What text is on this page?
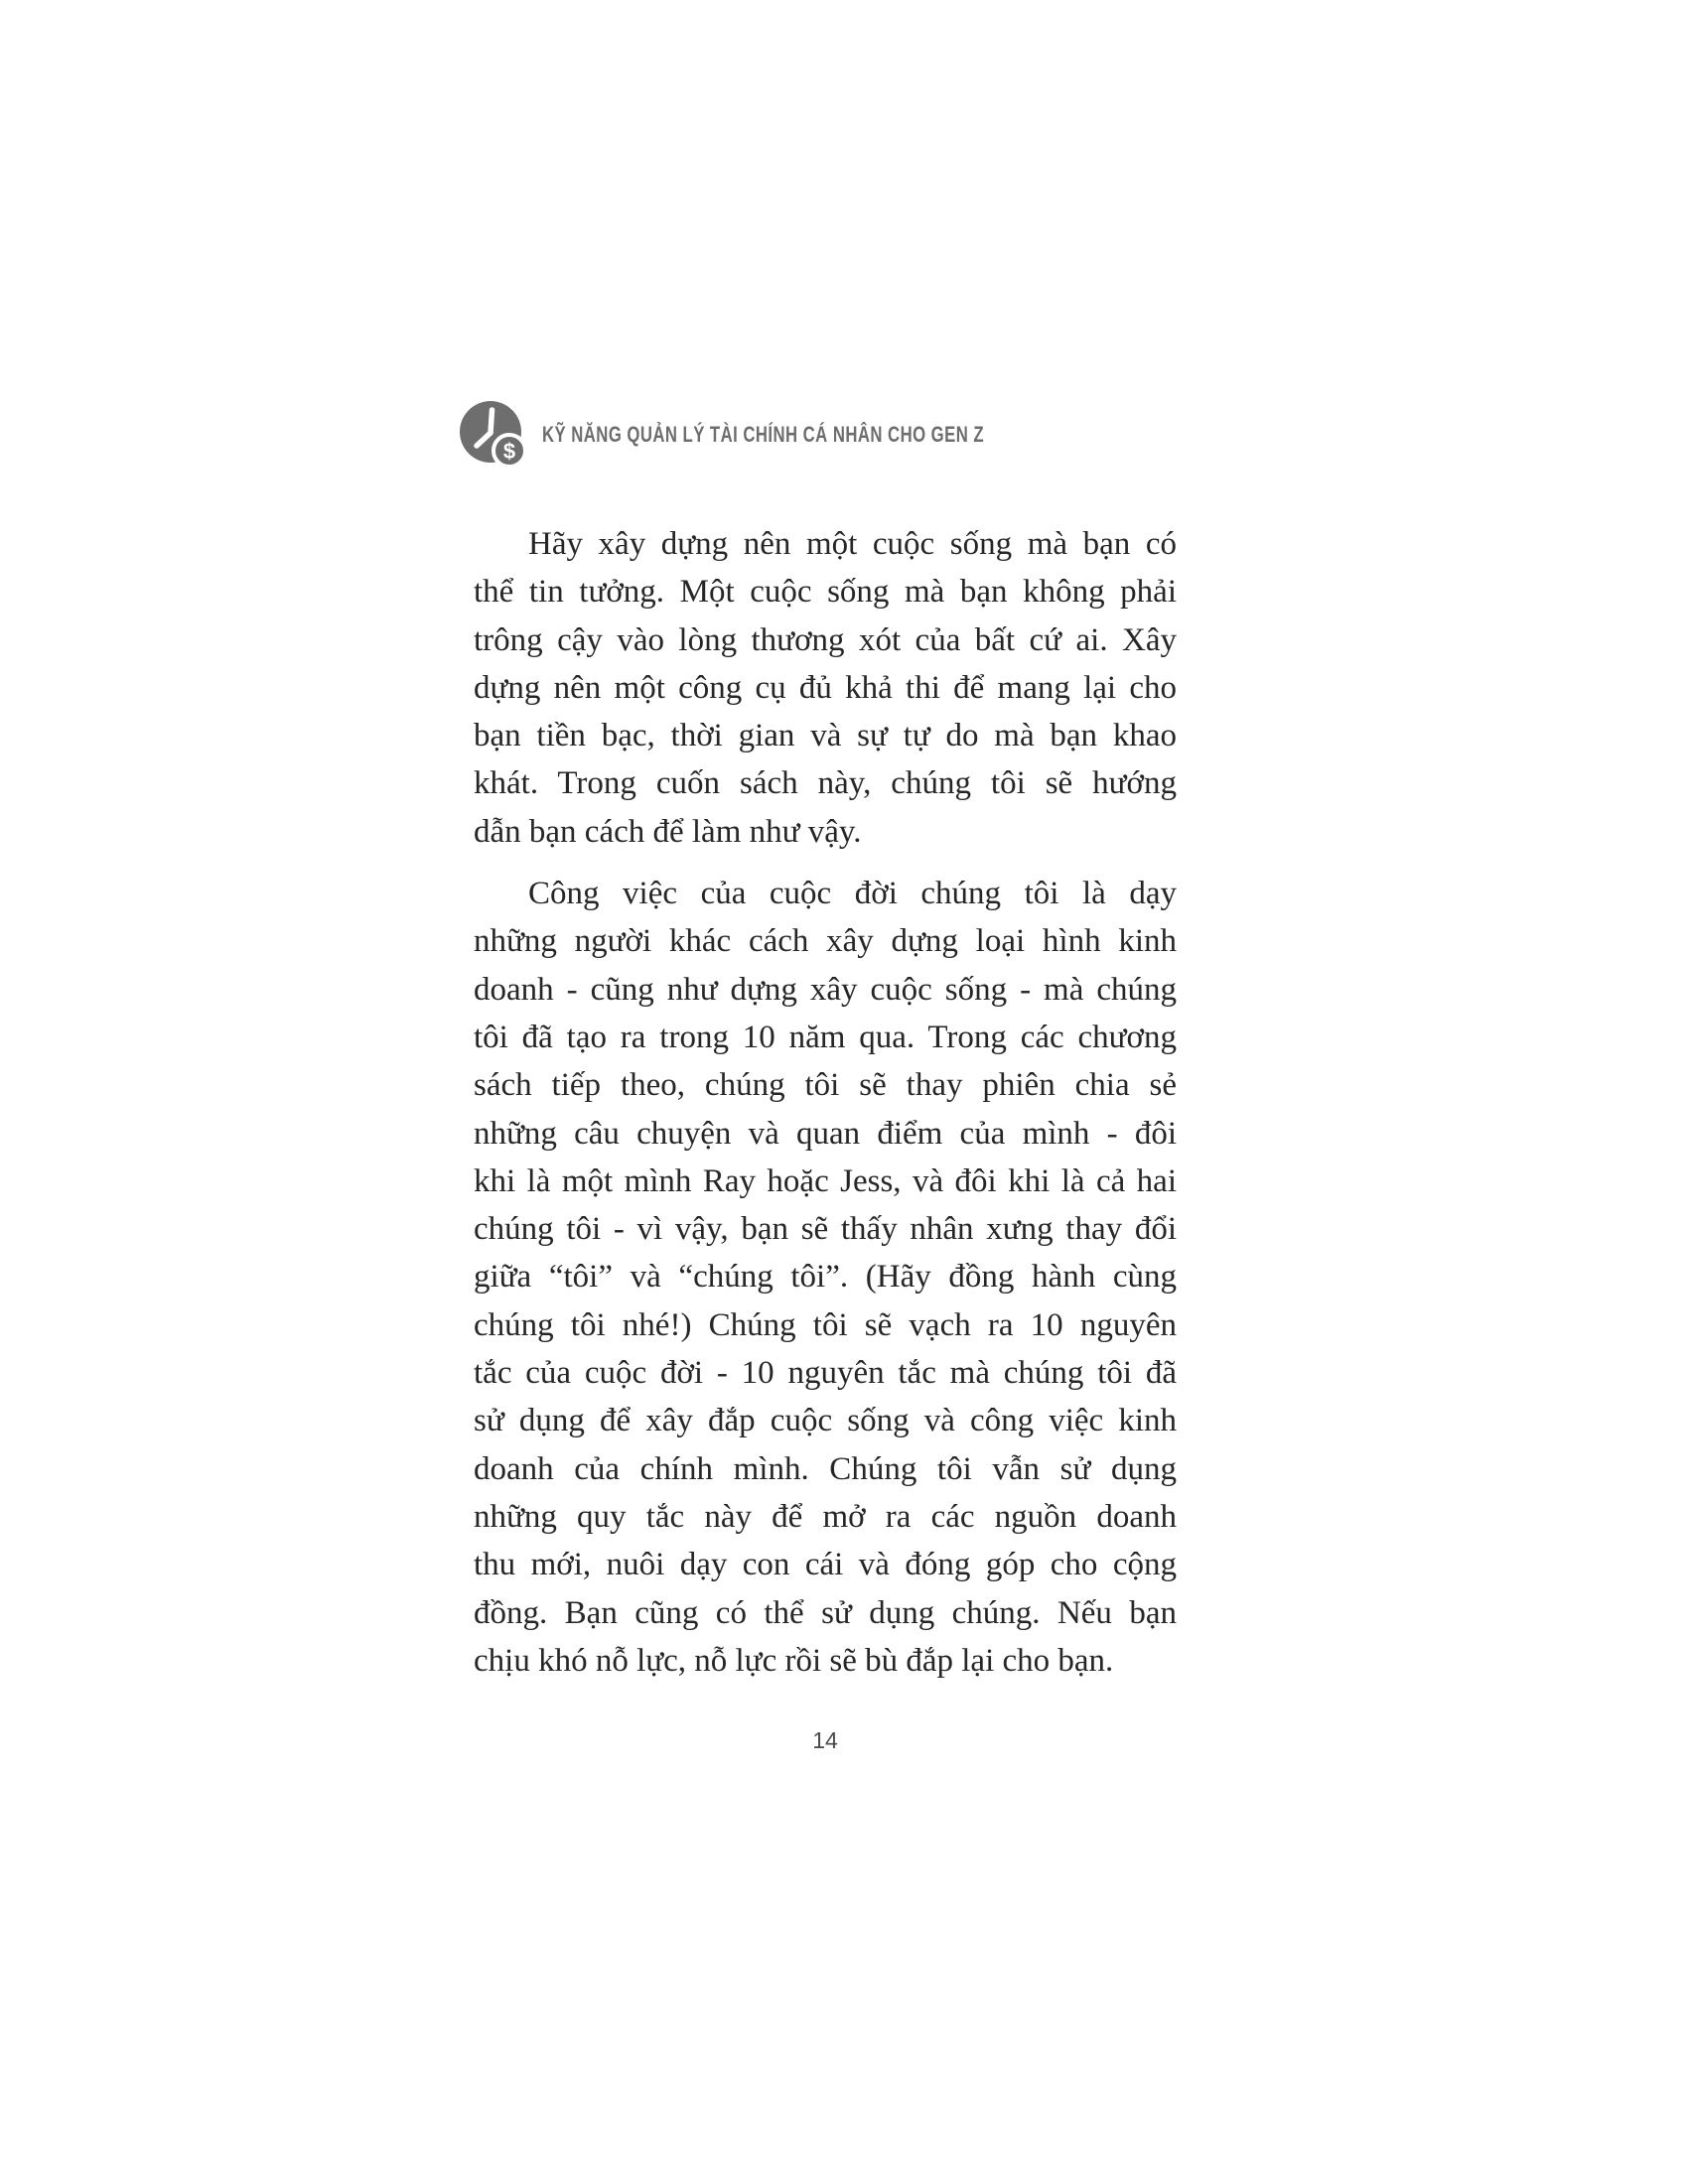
$
KỸ NĂNG QUẢN LÝ TÀI CHÍNH CÁ NHÂN CHO GEN Z
Hãy xây dựng nên một cuộc sống mà bạn có
thể tin tưởng. Một cuộc sống mà bạn không phải
trông cậy vào lòng thương xót của bất cứ ai. Xây
dựng nên một công cụ đủ khả thi để mang lại cho
bạn tiền bạc, thời gian và sự tự do mà bạn khao
khát. Trong cuốn sách này, chúng tôi sẽ hướng
dẫn bạn cách để làm như vậy.
Công việc của cuộc đời chúng tôi là dạy
những người khác cách xây dựng loại hình kinh
doanh - cũng như dựng xây cuộc sống - mà chúng
tôi đã tạo ra trong 10 năm qua. Trong các chương
sách tiếp theo, chúng tôi sẽ thay phiên chia sẻ
những câu chuyện và quan điểm của mình - đôi
khi là một mình Ray hoặc Jess, và đôi khi là cả hai
chúng tôi - vì vậy, bạn sẽ thấy nhân xưng thay đổi
giữa “tôi” và “chúng tôi”. (Hãy đồng hành cùng
chúng tôi nhé!) Chúng tôi sẽ vạch ra 10 nguyên
tắc của cuộc đời - 10 nguyên tắc mà chúng tôi đã
sử dụng để xây đắp cuộc sống và công việc kinh
doanh của chính mình. Chúng tôi vẫn sử dụng
những quy tắc này để mở ra các nguồn doanh
thu mới, nuôi dạy con cái và đóng góp cho cộng
đồng. Bạn cũng có thể sử dụng chúng. Nếu bạn
chịu khó nỗ lực, nỗ lực rồi sẽ bù đắp lại cho bạn.
14
